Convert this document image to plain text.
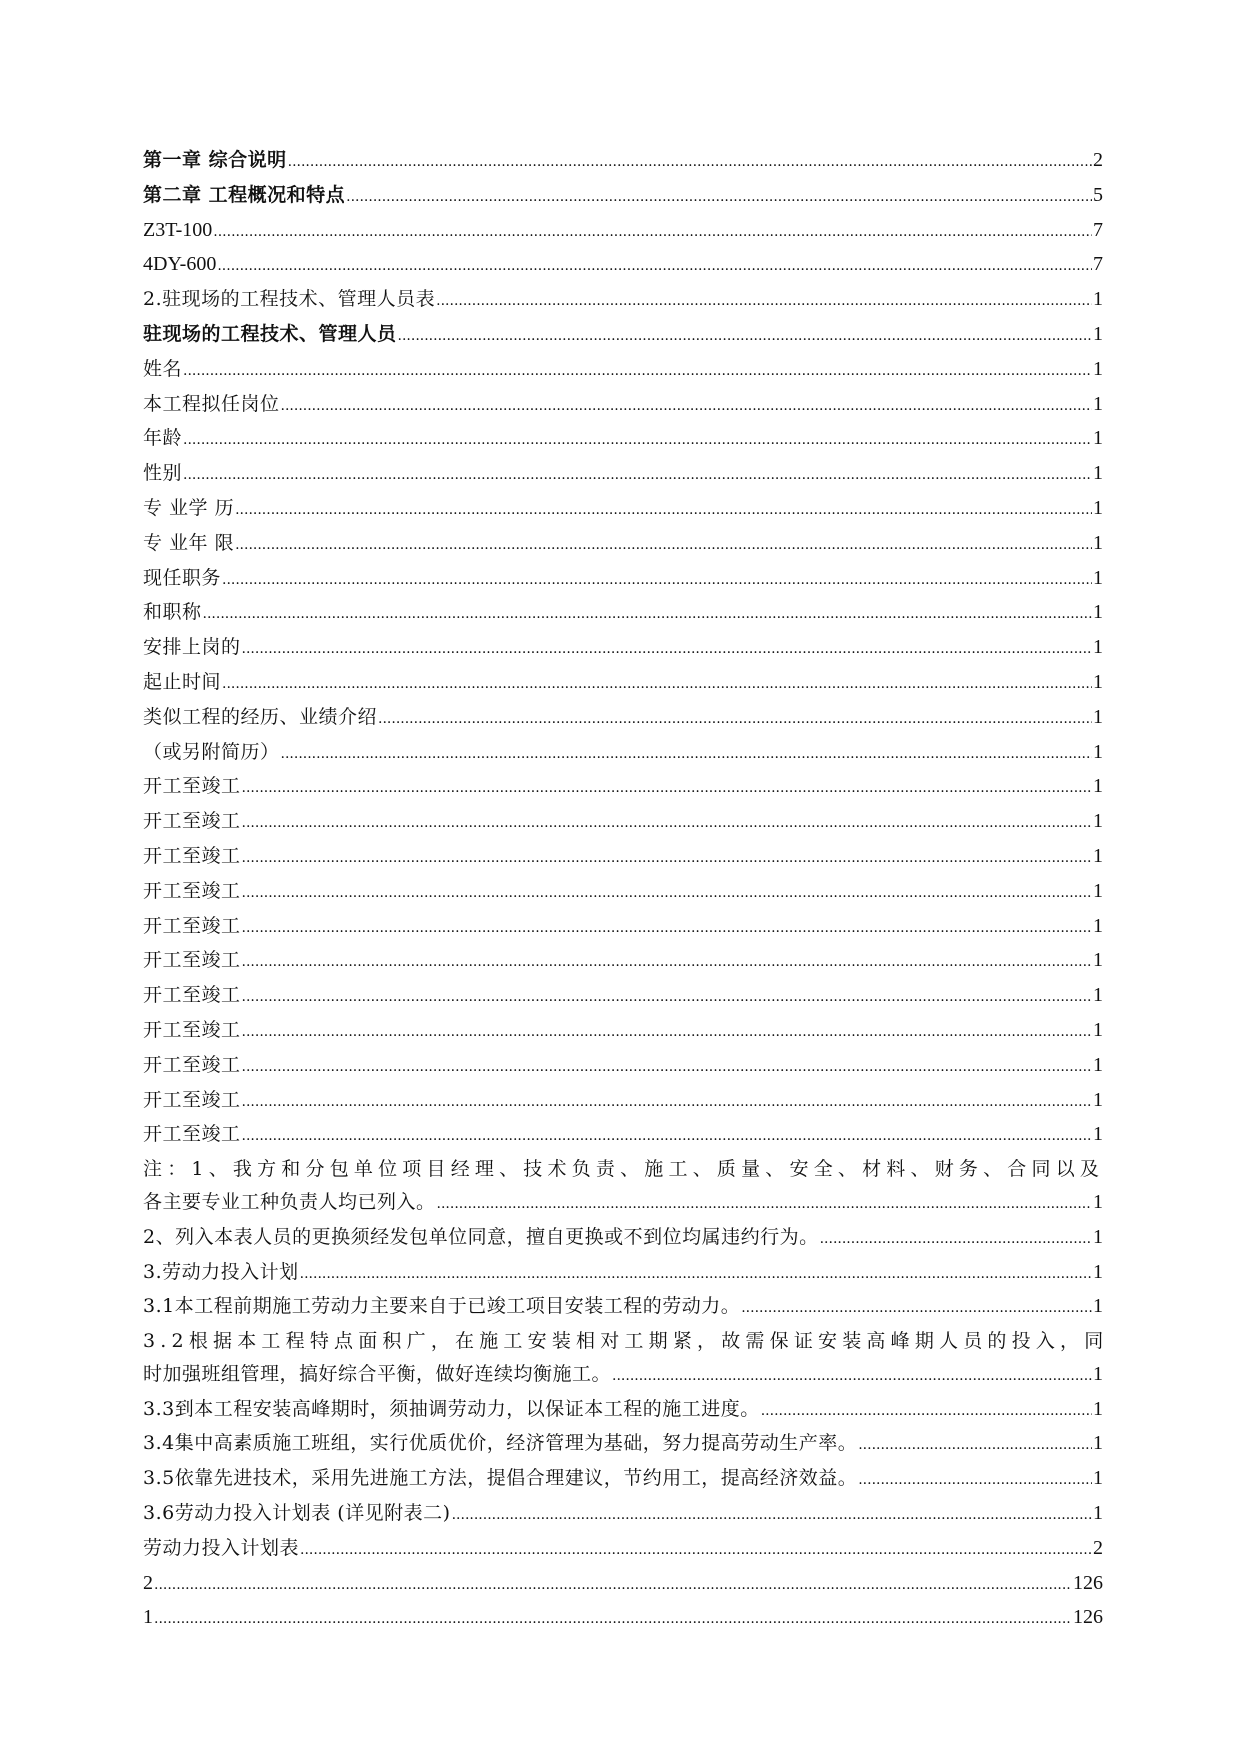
第一章 综合说明 .....	2
第二章 工程概况和特点 .....	5
Z3T-100 .....	7
4DY-600 .....	7
2.驻现场的工程技术、管理人员表 .....	1
驻现场的工程技术、管理人员 .....	1
姓名 .....	1
本工程拟任岗位 .....	1
年龄 .....	1
性别 .....	1
专 业学 历 .....	1
专 业年 限 .....	1
现任职务 .....	1
和职称 .....	1
安排上岗的 .....	1
起止时间 .....	1
类似工程的经历、业绩介绍 .....	1
（或另附简历） .....	1
开工至竣工 .....	1
开工至竣工 .....	1
开工至竣工 .....	1
开工至竣工 .....	1
开工至竣工 .....	1
开工至竣工 .....	1
开工至竣工 .....	1
开工至竣工 .....	1
开工至竣工 .....	1
开工至竣工 .....	1
开工至竣工 .....	1
注：1、我方和分包单位项目经理、技术负责、施工、质量、安全、材料、财务、合同以及
各主要专业工种负责人均已列入。 .....	1
2、列入本表人员的更换须经发包单位同意，擅自更换或不到位均属违约行为。 .....	1
3.劳动力投入计划 .....	1
3.1本工程前期施工劳动力主要来自于已竣工项目安装工程的劳动力。 .....	1
3.2根据本工程特点面积广，在施工安装相对工期紧，故需保证安装高峰期人员的投入，同
时加强班组管理，搞好综合平衡，做好连续均衡施工。 .....	1
3.3到本工程安装高峰期时，须抽调劳动力，以保证本工程的施工进度。 .....	1
3.4集中高素质施工班组，实行优质优价，经济管理为基础，努力提高劳动生产率。 .....	1
3.5依靠先进技术，采用先进施工方法，提倡合理建议，节约用工，提高经济效益。 .....	1
3.6劳动力投入计划表 (详见附表二) .....	1
劳动力投入计划表 .....	2
2 .....	126
1 .....	126
